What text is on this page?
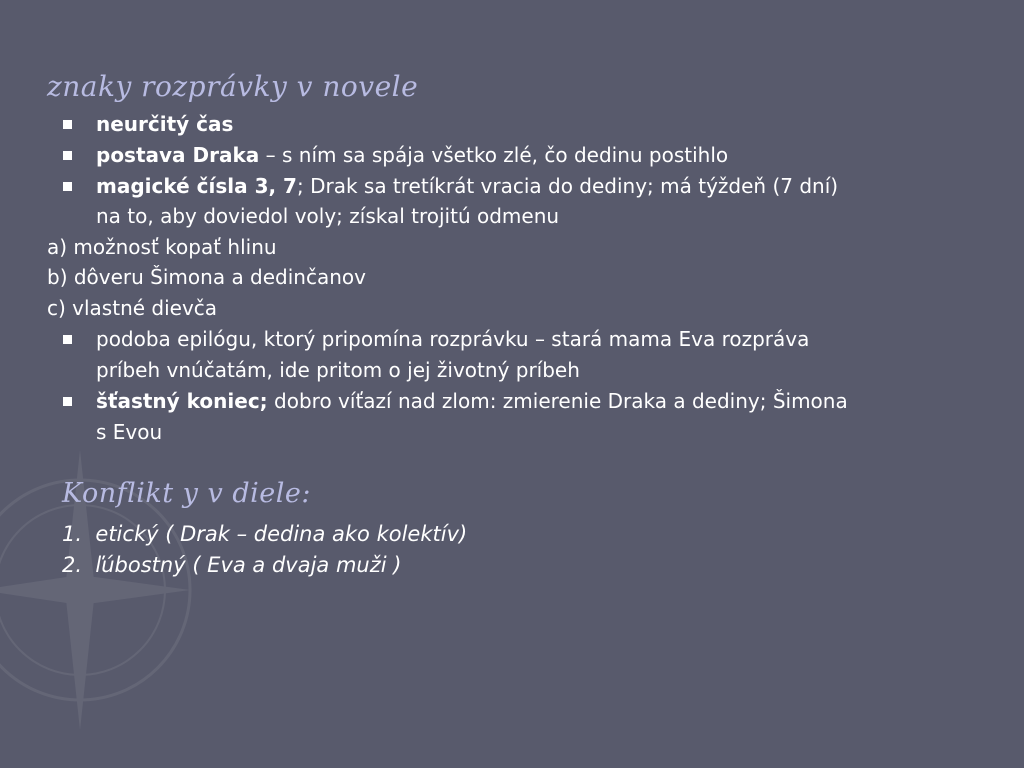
znaky rozprávky v novele
neurčitý čas
postava Draka – s ním sa spája všetko zlé, čo dedinu postihlo
magické čísla 3, 7; Drak sa tretíkrát vracia do dediny; má týždeň (7 dní)
na to, aby doviedol voly; získal trojitú odmenu
a) možnosť kopať hlinu
b) dôveru Šimona a dedinčanov
c) vlastné dievča
podoba epilógu, ktorý pripomína rozprávku – stará mama Eva rozpráva
príbeh vnúčatám, ide pritom o jej životný príbeh
šťastný koniec; dobro víťazí nad zlom: zmierenie Draka a dediny; Šimona
s Evou
Konflikt y v diele:
1. etický ( Drak – dedina ako kolektív)
2. ľúbostný ( Eva a dvaja muži )
